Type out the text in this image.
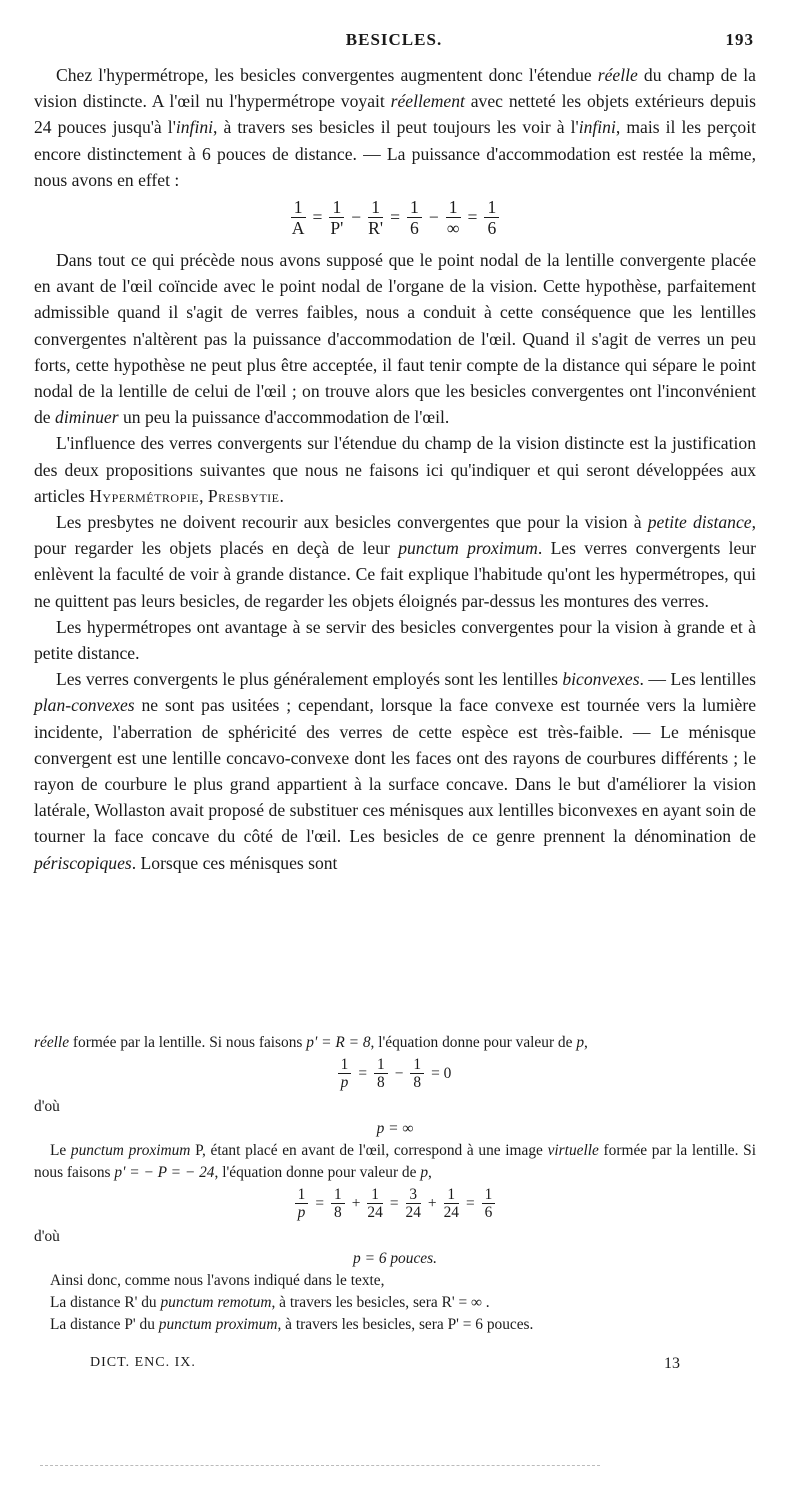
BESICLES.	193

Chez l'hypermétrope, les besicles convergentes augmentent donc l'étendue réelle du champ de la vision distincte. A l'œil nu l'hypermétrope voyait réellement avec netteté les objets extérieurs depuis 24 pouces jusqu'à l'infini, à travers ses besicles il peut toujours les voir à l'infini, mais il les perçoit encore distinctement à 6 pouces de distance. — La puissance d'accommodation est restée la même, nous avons en effet :

$\frac{1}{A} = \frac{1}{P'} - \frac{1}{R'} = \frac{1}{6} - \frac{1}{\infty} = \frac{1}{6}$

Dans tout ce qui précède nous avons supposé que le point nodal de la lentille convergente placée en avant de l'œil coïncide avec le point nodal de l'organe de la vision. Cette hypothèse, parfaitement admissible quand il s'agit de verres faibles, nous a conduit à cette conséquence que les lentilles convergentes n'altèrent pas la puissance d'accommodation de l'œil. Quand il s'agit de verres un peu forts, cette hypothèse ne peut plus être acceptée, il faut tenir compte de la distance qui sépare le point nodal de la lentille de celui de l'œil ; on trouve alors que les besicles convergentes ont l'inconvénient de diminuer un peu la puissance d'accommodation de l'œil.

L'influence des verres convergents sur l'étendue du champ de la vision distincte est la justification des deux propositions suivantes que nous ne faisons ici qu'indiquer et qui seront développées aux articles Hypermétropie, Presbytie.

Les presbytes ne doivent recourir aux besicles convergentes que pour la vision à petite distance, pour regarder les objets placés en deçà de leur punctum proximum. Les verres convergents leur enlèvent la faculté de voir à grande distance. Ce fait explique l'habitude qu'ont les hypermétropes, qui ne quittent pas leurs besicles, de regarder les objets éloignés par-dessus les montures des verres.

Les hypermétropes ont avantage à se servir des besicles convergentes pour la vision à grande et à petite distance.

Les verres convergents le plus généralement employés sont les lentilles biconvexes. — Les lentilles plan-convexes ne sont pas usitées ; cependant, lorsque la face convexe est tournée vers la lumière incidente, l'aberration de sphéricité des verres de cette espèce est très-faible. — Le ménisque convergent est une lentille concavo-convexe dont les faces ont des rayons de courbures différents ; le rayon de courbure le plus grand appartient à la surface concave. Dans le but d'améliorer la vision latérale, Wollaston avait proposé de substituer ces ménisques aux lentilles biconvexes en ayant soin de tourner la face concave du côté de l'œil. Les besicles de ce genre prennent la dénomination de périscopiques. Lorsque ces ménisques sont

réelle formée par la lentille. Si nous faisons p' = R = 8, l'équation donne pour valeur de p,

$\frac{1}{p} = \frac{1}{8} - \frac{1}{8} = 0$

d'où

p = ∞

Le punctum proximum P, étant placé en avant de l'œil, correspond à une image virtuelle formée par la lentille. Si nous faisons p' = − P = − 24, l'équation donne pour valeur de p,

$\frac{1}{p} = \frac{1}{8} + \frac{1}{24} = \frac{3}{24} + \frac{1}{24} = \frac{1}{6}$

d'où

p = 6 pouces.

Ainsi donc, comme nous l'avons indiqué dans le texte,

La distance R' du punctum remotum, à travers les besicles, sera R' = ∞ .

La distance P' du punctum proximum, à travers les besicles, sera P' = 6 pouces.

DICT. ENC. IX.	13
